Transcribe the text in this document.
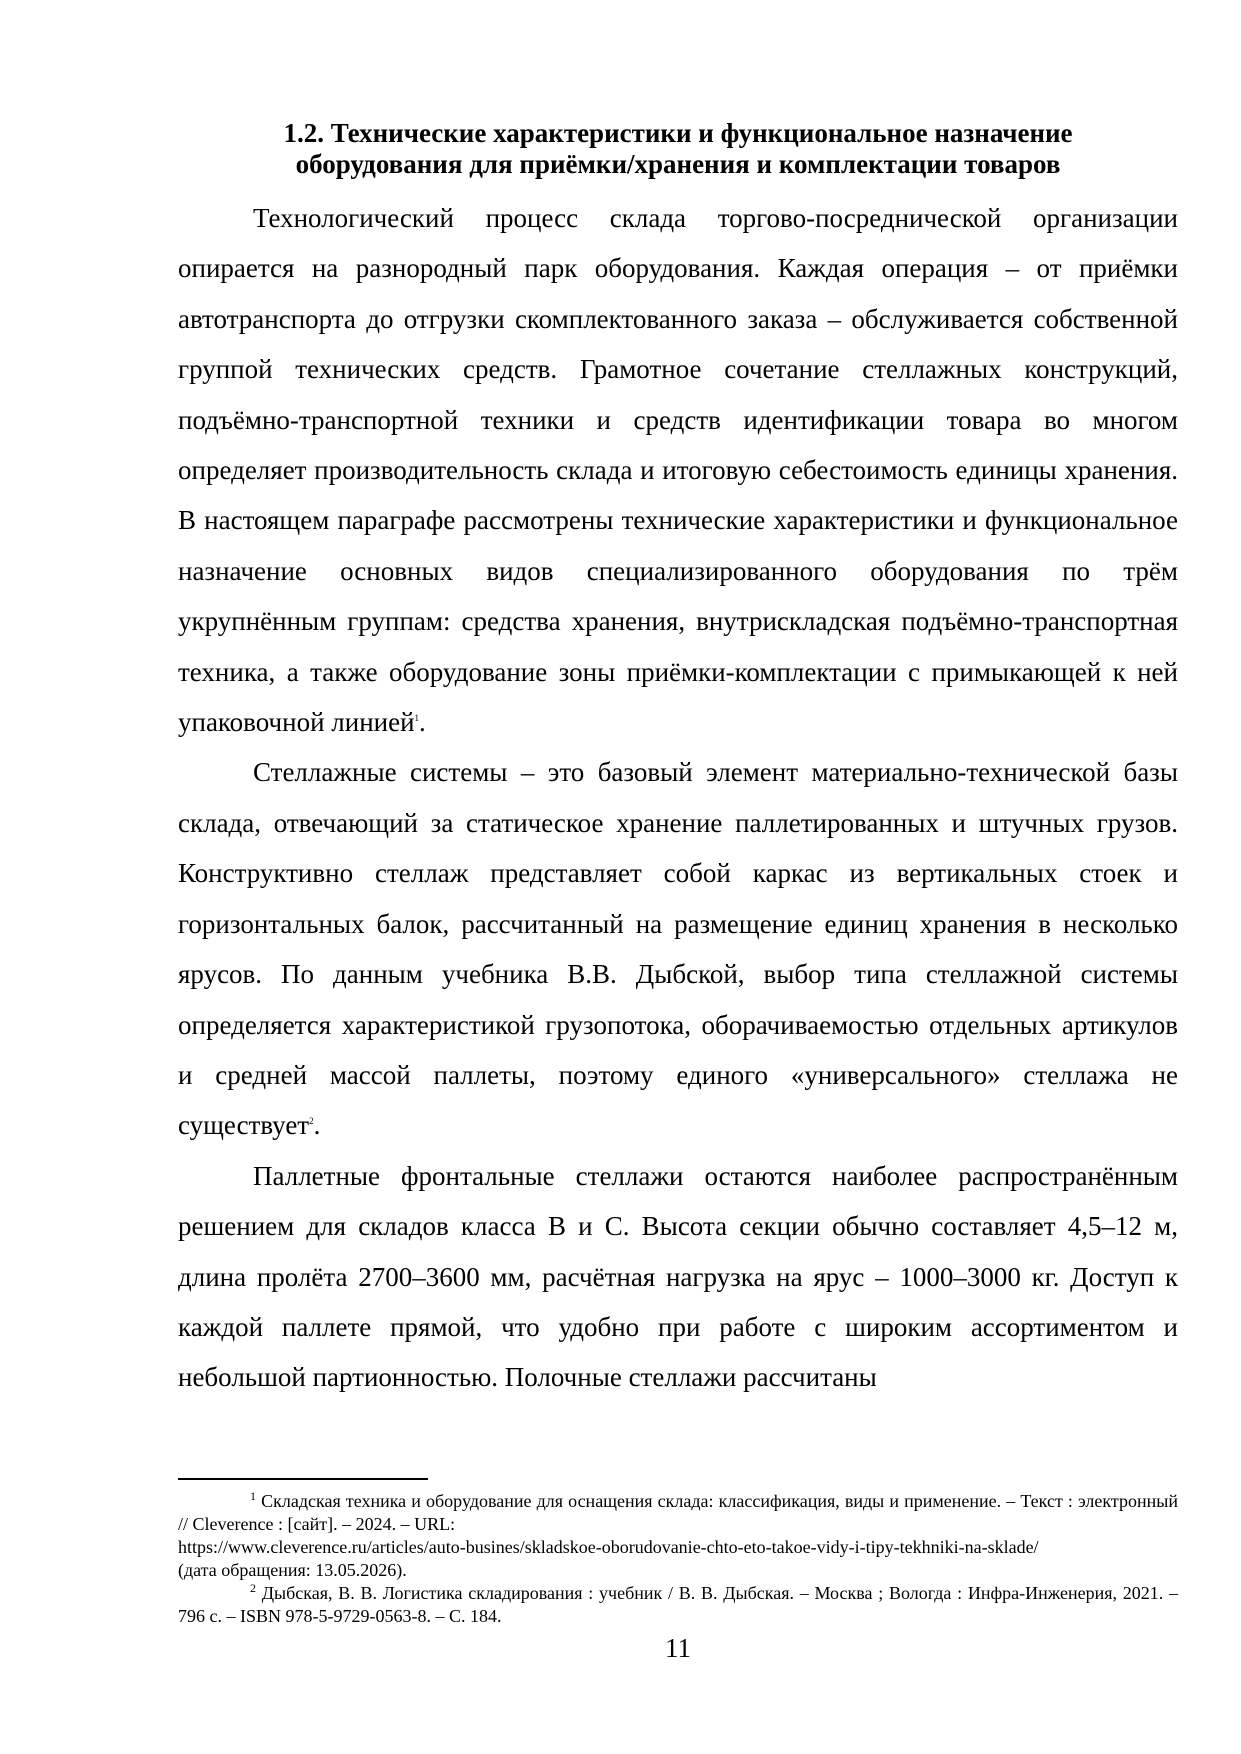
1.2. Технические характеристики и функциональное назначение
оборудования для приёмки/хранения и комплектации товаров

Технологический процесс склада торгово-посреднической организации опирается на разнородный парк оборудования. Каждая операция – от приёмки автотранспорта до отгрузки скомплектованного заказа – обслуживается собственной группой технических средств. Грамотное сочетание стеллажных конструкций, подъёмно-транспортной техники и средств идентификации товара во многом определяет производительность склада и итоговую себестоимость единицы хранения. В настоящем параграфе рассмотрены технические характеристики и функциональное назначение основных видов специализированного оборудования по трём укрупнённым группам: средства хранения, внутрискладская подъёмно-транспортная техника, а также оборудование зоны приёмки-комплектации с примыкающей к ней упаковочной линией$^1$.

Стеллажные системы – это базовый элемент материально-технической базы склада, отвечающий за статическое хранение паллетированных и штучных грузов. Конструктивно стеллаж представляет собой каркас из вертикальных стоек и горизонтальных балок, рассчитанный на размещение единиц хранения в несколько ярусов. По данным учебника В.В. Дыбской, выбор типа стеллажной системы определяется характеристикой грузопотока, оборачиваемостью отдельных артикулов и средней массой паллеты, поэтому единого «универсального» стеллажа не существует$^2$.

Паллетные фронтальные стеллажи остаются наиболее распространённым решением для складов класса B и C. Высота секции обычно составляет 4,5–12 м, длина пролёта 2700–3600 мм, расчётная нагрузка на ярус – 1000–3000 кг. Доступ к каждой паллете прямой, что удобно при работе с широким ассортиментом и небольшой партионностью. Полочные стеллажи рассчитаны

$^1$ Складская техника и оборудование для оснащения склада: классификация, виды и применение. – Текст : электронный // Cleverence : [сайт]. – 2024. – URL:

https://www.cleverence.ru/articles/auto-busines/skladskoe-oborudovanie-chto-eto-takoe-vidy-i-tipy-tekhniki-na-sklade/

(дата обращения: 13.05.2026).

$^2$ Дыбская, В. В. Логистика складирования : учебник / В. В. Дыбская. – Москва ; Вологда : Инфра-Инженерия, 2021. – 796 с. – ISBN 978-5-9729-0563-8. – С. 184.

11
